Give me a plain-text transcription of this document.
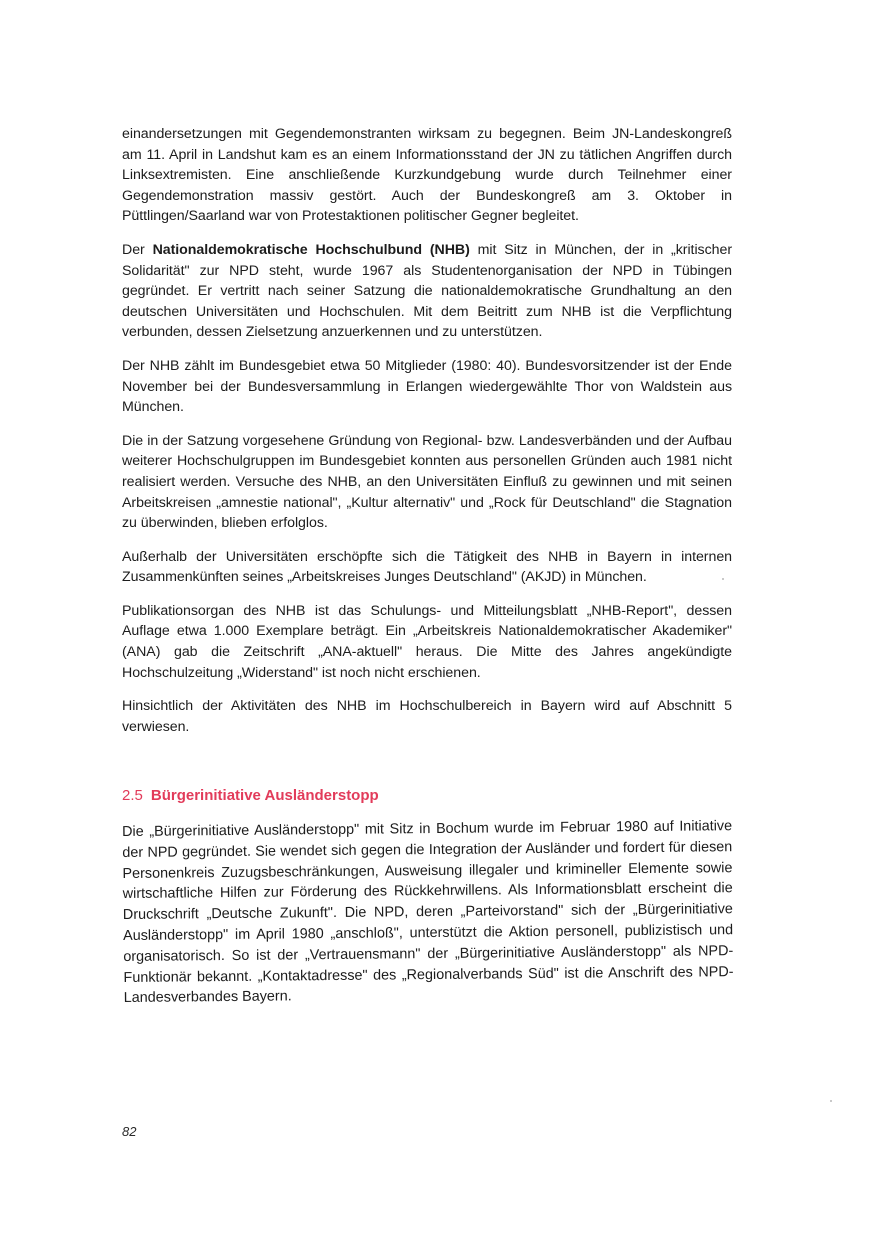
einandersetzungen mit Gegendemonstranten wirksam zu begegnen. Beim JN-Landeskongreß am 11. April in Landshut kam es an einem Informationsstand der JN zu tätlichen Angriffen durch Linksextremisten. Eine anschließende Kurzkundgebung wurde durch Teilnehmer einer Gegendemonstration massiv gestört. Auch der Bundeskongreß am 3. Oktober in Püttlingen/Saarland war von Protestaktionen politischer Gegner begleitet.

Der Nationaldemokratische Hochschulbund (NHB) mit Sitz in München, der in „kritischer Solidarität" zur NPD steht, wurde 1967 als Studentenorganisation der NPD in Tübingen gegründet. Er vertritt nach seiner Satzung die nationaldemokratische Grundhaltung an den deutschen Universitäten und Hochschulen. Mit dem Beitritt zum NHB ist die Verpflichtung verbunden, dessen Zielsetzung anzuerkennen und zu unterstützen.

Der NHB zählt im Bundesgebiet etwa 50 Mitglieder (1980: 40). Bundesvorsitzender ist der Ende November bei der Bundesversammlung in Erlangen wiedergewählte Thor von Waldstein aus München.

Die in der Satzung vorgesehene Gründung von Regional- bzw. Landesverbänden und der Aufbau weiterer Hochschulgruppen im Bundesgebiet konnten aus personellen Gründen auch 1981 nicht realisiert werden. Versuche des NHB, an den Universitäten Einfluß zu gewinnen und mit seinen Arbeitskreisen „amnestie national", „Kultur alternativ" und „Rock für Deutschland" die Stagnation zu überwinden, blieben erfolglos.

Außerhalb der Universitäten erschöpfte sich die Tätigkeit des NHB in Bayern in internen Zusammenkünften seines „Arbeitskreises Junges Deutschland" (AKJD) in München.

Publikationsorgan des NHB ist das Schulungs- und Mitteilungsblatt „NHB-Report", dessen Auflage etwa 1.000 Exemplare beträgt. Ein „Arbeitskreis Nationaldemokratischer Akademiker" (ANA) gab die Zeitschrift „ANA-aktuell" heraus. Die Mitte des Jahres angekündigte Hochschulzeitung „Widerstand" ist noch nicht erschienen.

Hinsichtlich der Aktivitäten des NHB im Hochschulbereich in Bayern wird auf Abschnitt 5 verwiesen.

2.5 Bürgerinitiative Ausländerstopp

Die „Bürgerinitiative Ausländerstopp" mit Sitz in Bochum wurde im Februar 1980 auf Initiative der NPD gegründet. Sie wendet sich gegen die Integration der Ausländer und fordert für diesen Personenkreis Zuzugsbeschränkungen, Ausweisung illegaler und krimineller Elemente sowie wirtschaftliche Hilfen zur Förderung des Rückkehrwillens. Als Informationsblatt erscheint die Druckschrift „Deutsche Zukunft". Die NPD, deren „Parteivorstand" sich der „Bürgerinitiative Ausländerstopp" im April 1980 „anschloß", unterstützt die Aktion personell, publizistisch und organisatorisch. So ist der „Vertrauensmann" der „Bürgerinitiative Ausländerstopp" als NPD-Funktionär bekannt. „Kontaktadresse" des „Regionalverbands Süd" ist die Anschrift des NPD-Landesverbandes Bayern.

82
